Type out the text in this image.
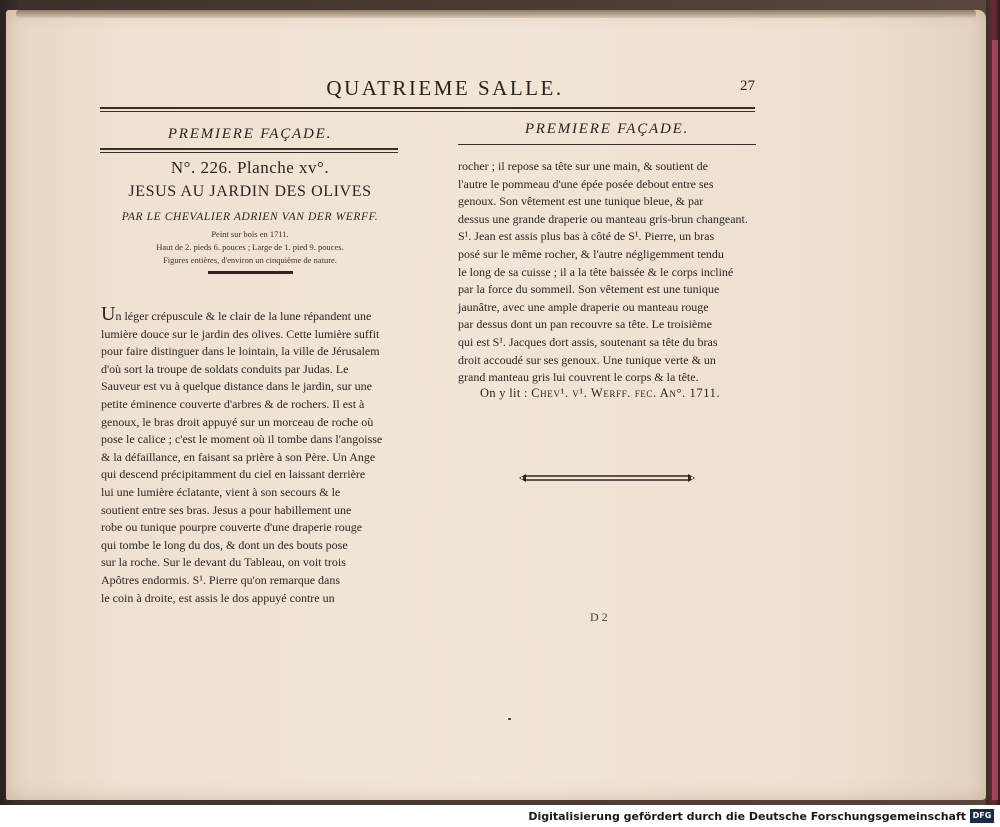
QUATRIEME SALLE.	27
PREMIERE FAÇADE.	PREMIERE FAÇADE.
N°. 226. Planche xv°.
JESUS AU JARDIN DES OLIVES
PAR LE CHEVALIER ADRIEN VAN DER WERFF.
Peint sur bois en 1711.
Haut de 2. pieds 6. pouces ; Large de 1. pied 9. pouces.
Figures entières, d'environ un cinquième de nature.
Un léger crépuscule & le clair de la lune répandent une
lumière douce sur le jardin des olives. Cette lumière suffit
pour faire distinguer dans le lointain, la ville de Jérusalem
d'où sort la troupe de soldats conduits par Judas. Le
Sauveur est vu à quelque distance dans le jardin, sur une
petite éminence couverte d'arbres & de rochers. Il est à
genoux, le bras droit appuyé sur un morceau de roche où
pose le calice ; c'est le moment où il tombe dans l'angoisse
& la défaillance, en faisant sa prière à son Père. Un Ange
qui descend précipitamment du ciel en laissant derrière
lui une lumière éclatante, vient à son secours & le
soutient entre ses bras. Jesus a pour habillement une
robe ou tunique pourpre couverte d'une draperie rouge
qui tombe le long du dos, & dont un des bouts pose
sur la roche. Sur le devant du Tableau, on voit trois
Apôtres endormis. S¹. Pierre qu'on remarque dans
le coin à droite, est assis le dos appuyé contre un
rocher ; il repose sa tête sur une main, & soutient de
l'autre le pommeau d'une épée posée debout entre ses
genoux. Son vêtement est une tunique bleue, & par
dessus une grande draperie ou manteau gris-brun changeant.
S¹. Jean est assis plus bas à côté de S¹. Pierre, un bras
posé sur le même rocher, & l'autre négligemment tendu
le long de sa cuisse ; il a la tête baissée & le corps incliné
par la force du sommeil. Son vêtement est une tunique
jaunâtre, avec une ample draperie ou manteau rouge
par dessus dont un pan recouvre sa tête. Le troisième
qui est S¹. Jacques dort assis, soutenant sa tête du bras
droit accoudé sur ses genoux. Une tunique verte & un
grand manteau gris lui couvrent le corps & la tête.
On y lit : Chev¹. v¹. Werff. fec. An°. 1711.
D 2
Digitalisierung gefördert durch die Deutsche Forschungsgemeinschaft DFG
